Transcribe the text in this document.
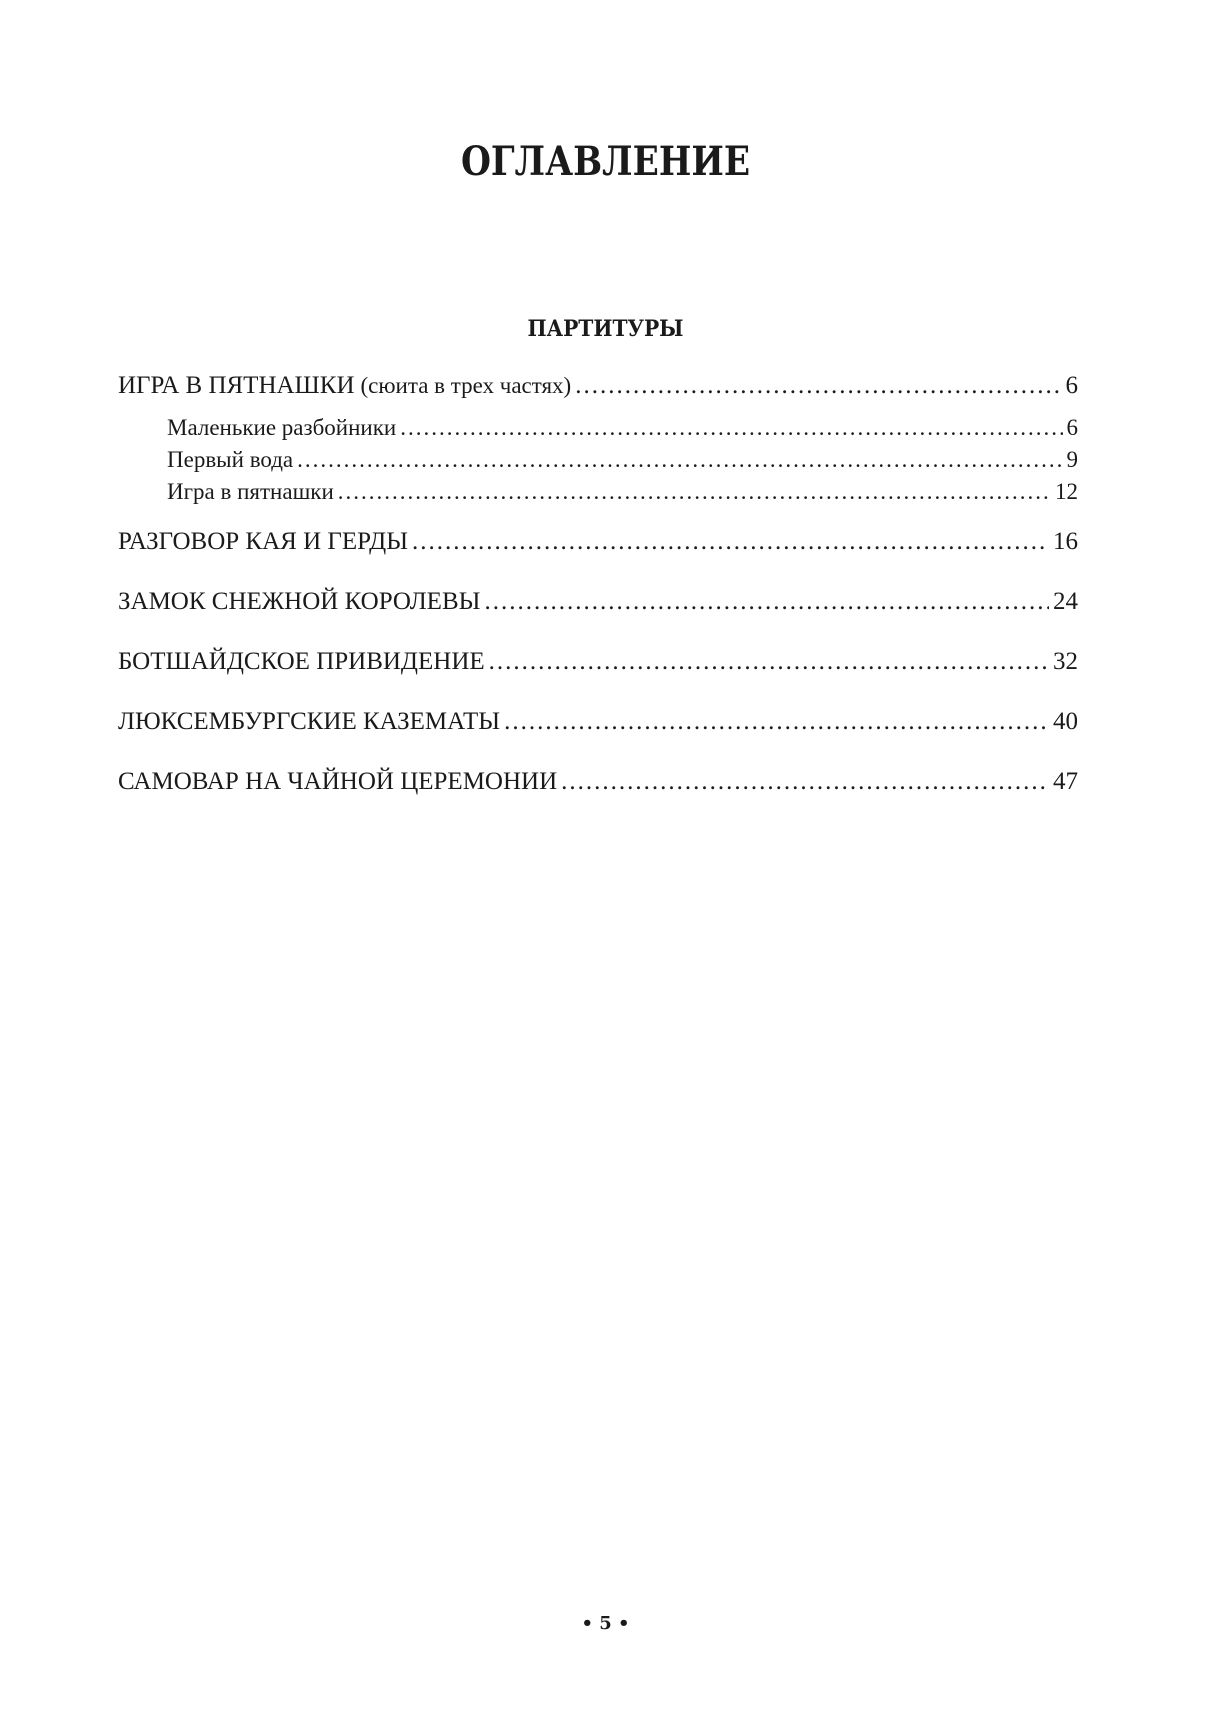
ОГЛАВЛЕНИЕ
ПАРТИТУРЫ
ИГРА В ПЯТНАШКИ (сюита в трех частях) .....	6
Маленькие разбойники .....	6
Первый вода .....	9
Игра в пятнашки .....	12
РАЗГОВОР КАЯ И ГЕРДЫ .....	16
ЗАМОК СНЕЖНОЙ КОРОЛЕВЫ .....	24
БОТШАЙДСКОЕ ПРИВИДЕНИЕ .....	32
ЛЮКСЕМБУРГСКИЕ КАЗЕМАТЫ .....	40
САМОВАР НА ЧАЙНОЙ ЦЕРЕМОНИИ .....	47
• 5 •
